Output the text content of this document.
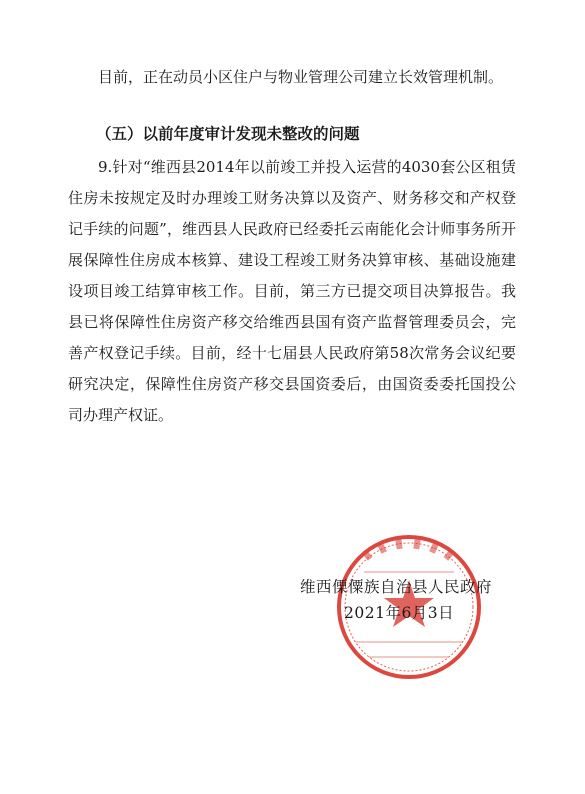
目前，正在动员小区住户与物业管理公司建立长效管理机制。

（五）以前年度审计发现未整改的问题

9.针对“维西县2014年以前竣工并投入运营的4030套公区租赁住房未按规定及时办理竣工财务决算以及资产、财务移交和产权登记手续的问题”，维西县人民政府已经委托云南能化会计师事务所开展保障性住房成本核算、建设工程竣工财务决算审核、基础设施建设项目竣工结算审核工作。目前，第三方已提交项目决算报告。我县已将保障性住房资产移交给维西县国有资产监督管理委员会，完善产权登记手续。目前，经十七届县人民政府第58次常务会议纪要研究决定，保障性住房资产移交县国资委后，由国资委委托国投公司办理产权证。

维西傈僳族自治县人民政府
2021年6月3日
